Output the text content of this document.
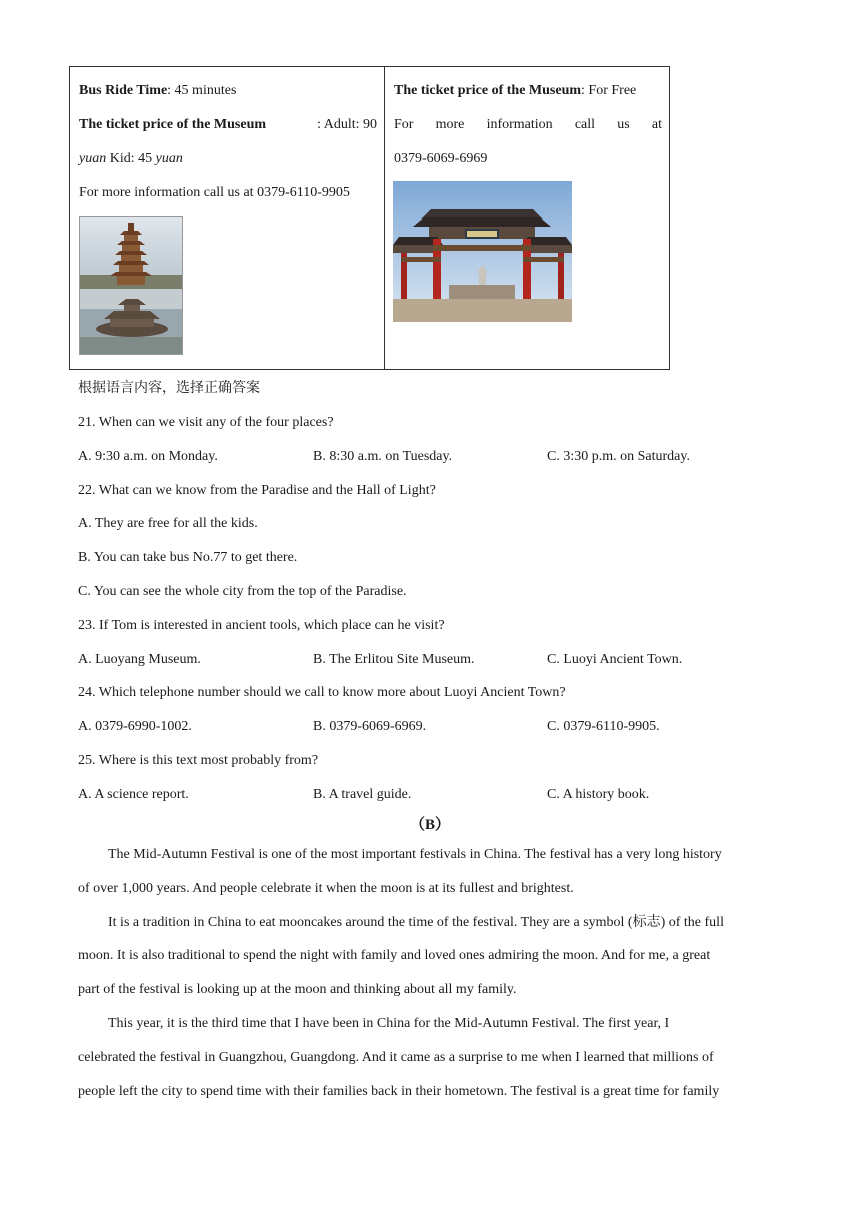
Bus Ride Time: 45 minutes
The ticket price of the Museum	: Adult: 90
yuan Kid: 45 yuan
For more information call us at 0379-6110-9905
The ticket price of the Museum: For Free
For more information call us at
0379-6069-6969
根据语言内容，选择正确答案
21. When can we visit any of the four places?
A. 9:30 a.m. on Monday.	B. 8:30 a.m. on Tuesday.	C. 3:30 p.m. on Saturday.
22. What can we know from the Paradise and the Hall of Light?
A. They are free for all the kids.
B. You can take bus No.77 to get there.
C. You can see the whole city from the top of the Paradise.
23. If Tom is interested in ancient tools, which place can he visit?
A. Luoyang Museum.	B. The Erlitou Site Museum.	C. Luoyi Ancient Town.
24. Which telephone number should we call to know more about Luoyi Ancient Town?
A. 0379-6990-1002.	B. 0379-6069-6969.	C. 0379-6110-9905.
25. Where is this text most probably from?
A. A science report.	B. A travel guide.	C. A history book.
（B）
The Mid-Autumn Festival is one of the most important festivals in China. The festival has a very long history
of over 1,000 years. And people celebrate it when the moon is at its fullest and brightest.
It is a tradition in China to eat mooncakes around the time of the festival. They are a symbol (标志) of the full
moon. It is also traditional to spend the night with family and loved ones admiring the moon. And for me, a great
part of the festival is looking up at the moon and thinking about all my family.
This year, it is the third time that I have been in China for the Mid-Autumn Festival. The first year, I
celebrated the festival in Guangzhou, Guangdong. And it came as a surprise to me when I learned that millions of
people left the city to spend time with their families back in their hometown. The festival is a great time for family
